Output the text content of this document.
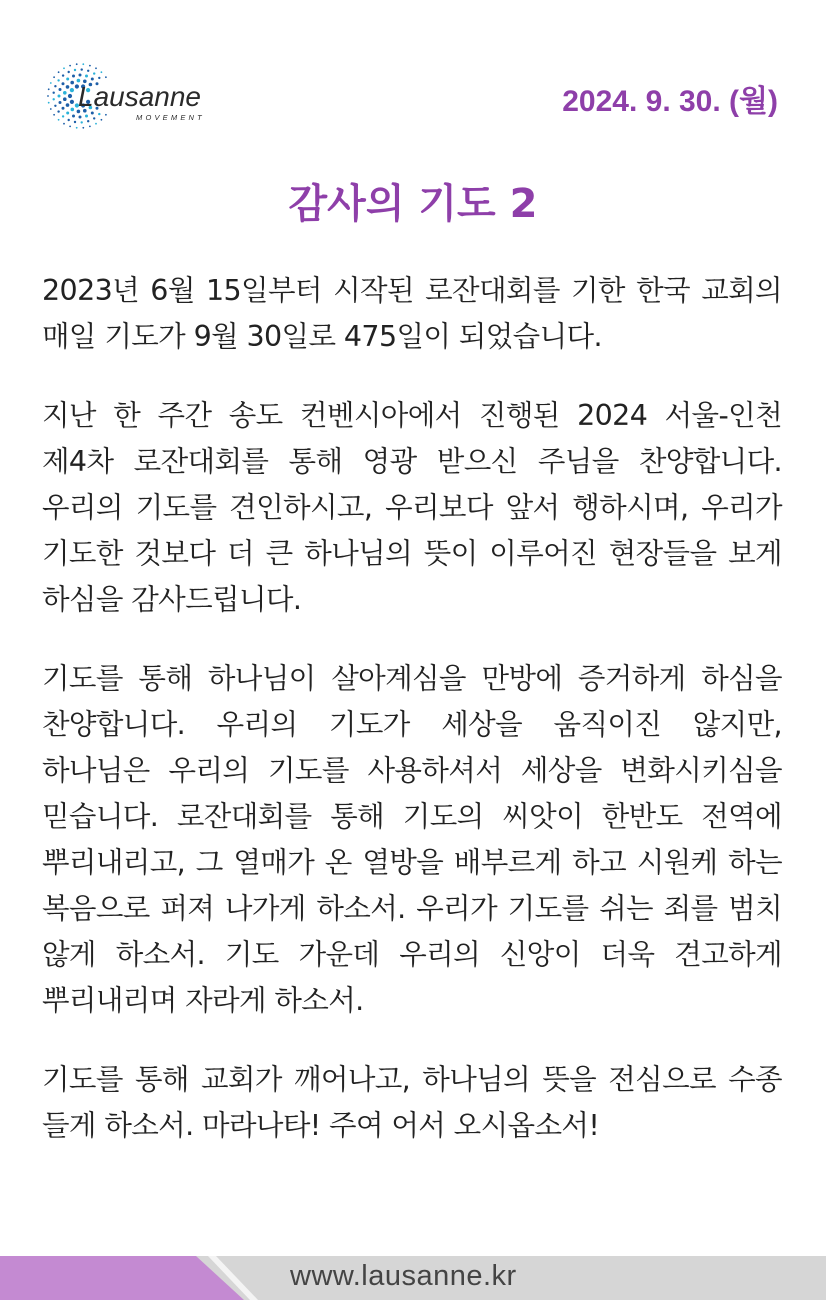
Lausanne
MOVEMENT	2024. 9. 30. (월)
감사의 기도 2

2023년 6월 15일부터 시작된 로잔대회를 기한 한국 교회의 매일 기도가 9월 30일로 475일이 되었습니다.

지난 한 주간 송도 컨벤시아에서 진행된 2024 서울-인천 제4차 로잔대회를 통해 영광 받으신 주님을 찬양합니다. 우리의 기도를 견인하시고, 우리보다 앞서 행하시며, 우리가 기도한 것보다 더 큰 하나님의 뜻이 이루어진 현장들을 보게 하심을 감사드립니다.

기도를 통해 하나님이 살아계심을 만방에 증거하게 하심을 찬양합니다. 우리의 기도가 세상을 움직이진 않지만, 하나님은 우리의 기도를 사용하셔서 세상을 변화시키심을 믿습니다. 로잔대회를 통해 기도의 씨앗이 한반도 전역에 뿌리내리고, 그 열매가 온 열방을 배부르게 하고 시원케 하는 복음으로 퍼져 나가게 하소서. 우리가 기도를 쉬는 죄를 범치 않게 하소서. 기도 가운데 우리의 신앙이 더욱 견고하게 뿌리내리며 자라게 하소서.

기도를 통해 교회가 깨어나고, 하나님의 뜻을 전심으로 수종 들게 하소서. 마라나타! 주여 어서 오시옵소서!

www.lausanne.kr
